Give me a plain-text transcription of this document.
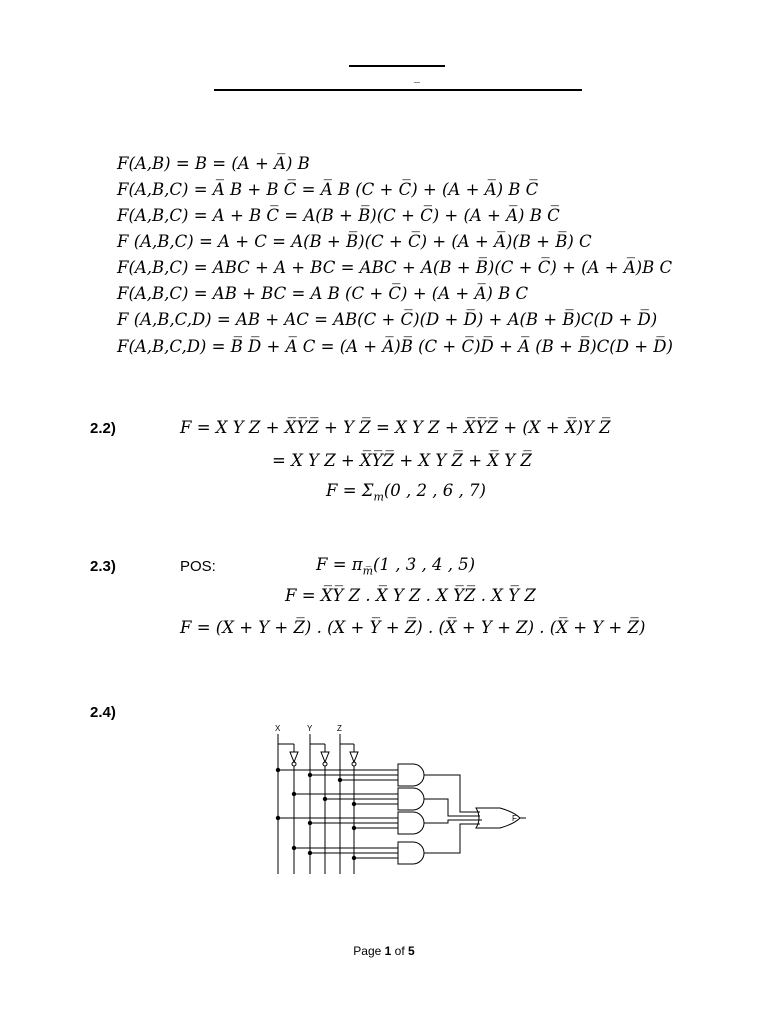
_
F(A,B) = B = (A + A̅) B
F(A,B,C) = A̅ B + B C̅ = A̅ B (C + C̅) + (A + A̅) B C̅
F(A,B,C) = A + B C̅ = A(B + B̅)(C + C̅) + (A + A̅) B C̅
F (A,B,C) = A + C = A(B + B̅)(C + C̅) + (A + A̅)(B + B̅) C
F(A,B,C) = ABC + A + BC = ABC + A(B + B̅)(C + C̅) + (A + A̅)B C
F(A,B,C) = AB + BC = A B (C + C̅) + (A + A̅) B C
F (A,B,C,D) = AB + AC = AB(C + C̅)(D + D̅) + A(B + B̅)C(D + D̅)
F(A,B,C,D) = B̅ D̅ + A̅ C = (A + A̅)B̅ (C + C̅)D̅ + A̅ (B + B̅)C(D + D̅)
2.2)	F = X Y Z + X̅Y̅Z̅ + Y Z̅ = X Y Z + X̅Y̅Z̅ + (X + X̅)Y Z̅
= X Y Z + X̅Y̅Z̅ + X Y Z̅ + X̅ Y Z̅
$F = \Sigma_m(0$ , 2 , 6 , 7)
2.3)	POS:	$F = \pi_{m̅}(1$ , 3 , 4 , 5)
F = X̅Y̅ Z . X̅ Y Z . X Y̅Z̅ . X Y̅ Z
F = (X + Y + Z̅) . (X + Y̅ + Z̅) . (X̅ + Y + Z) . (X̅ + Y + Z̅)
2.4)
X	Y	Z
F
Page 1 of 5
